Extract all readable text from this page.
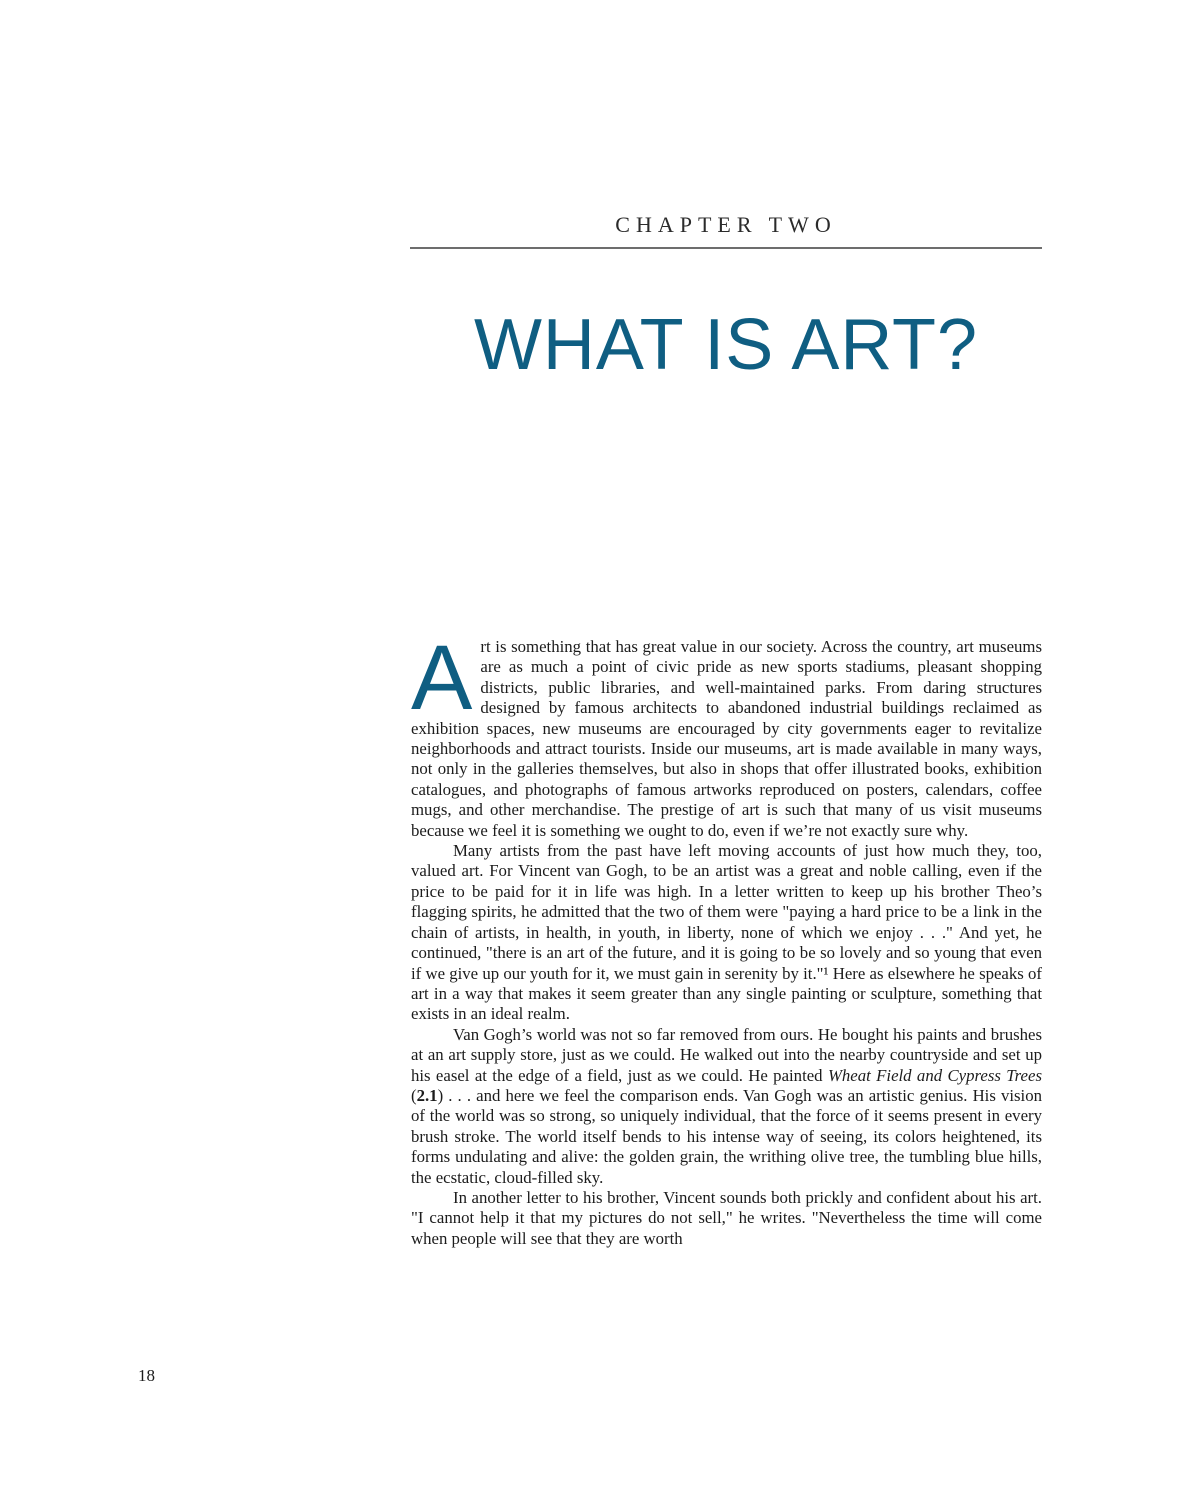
CHAPTER TWO
WHAT IS ART?

Art is something that has great value in our society. Across the country, art museums are as much a point of civic pride as new sports stadiums, pleasant shopping districts, public libraries, and well-maintained parks. From daring structures designed by famous architects to abandoned industrial buildings reclaimed as exhibition spaces, new museums are encouraged by city governments eager to revitalize neighborhoods and attract tourists. Inside our museums, art is made available in many ways, not only in the galleries themselves, but also in shops that offer illustrated books, exhibition catalogues, and photographs of famous artworks reproduced on posters, calendars, coffee mugs, and other merchandise. The prestige of art is such that many of us visit museums because we feel it is something we ought to do, even if we’re not exactly sure why.

Many artists from the past have left moving accounts of just how much they, too, valued art. For Vincent van Gogh, to be an artist was a great and noble calling, even if the price to be paid for it in life was high. In a letter written to keep up his brother Theo’s flagging spirits, he admitted that the two of them were "paying a hard price to be a link in the chain of artists, in health, in youth, in liberty, none of which we enjoy . . ." And yet, he continued, "there is an art of the future, and it is going to be so lovely and so young that even if we give up our youth for it, we must gain in serenity by it."¹ Here as elsewhere he speaks of art in a way that makes it seem greater than any single painting or sculpture, something that exists in an ideal realm.

Van Gogh’s world was not so far removed from ours. He bought his paints and brushes at an art supply store, just as we could. He walked out into the nearby countryside and set up his easel at the edge of a field, just as we could. He painted Wheat Field and Cypress Trees (2.1) . . . and here we feel the comparison ends. Van Gogh was an artistic genius. His vision of the world was so strong, so uniquely individual, that the force of it seems present in every brush stroke. The world itself bends to his intense way of seeing, its colors heightened, its forms undulating and alive: the golden grain, the writhing olive tree, the tumbling blue hills, the ecstatic, cloud-filled sky.

In another letter to his brother, Vincent sounds both prickly and confident about his art. "I cannot help it that my pictures do not sell," he writes. "Nevertheless the time will come when people will see that they are worth

18
